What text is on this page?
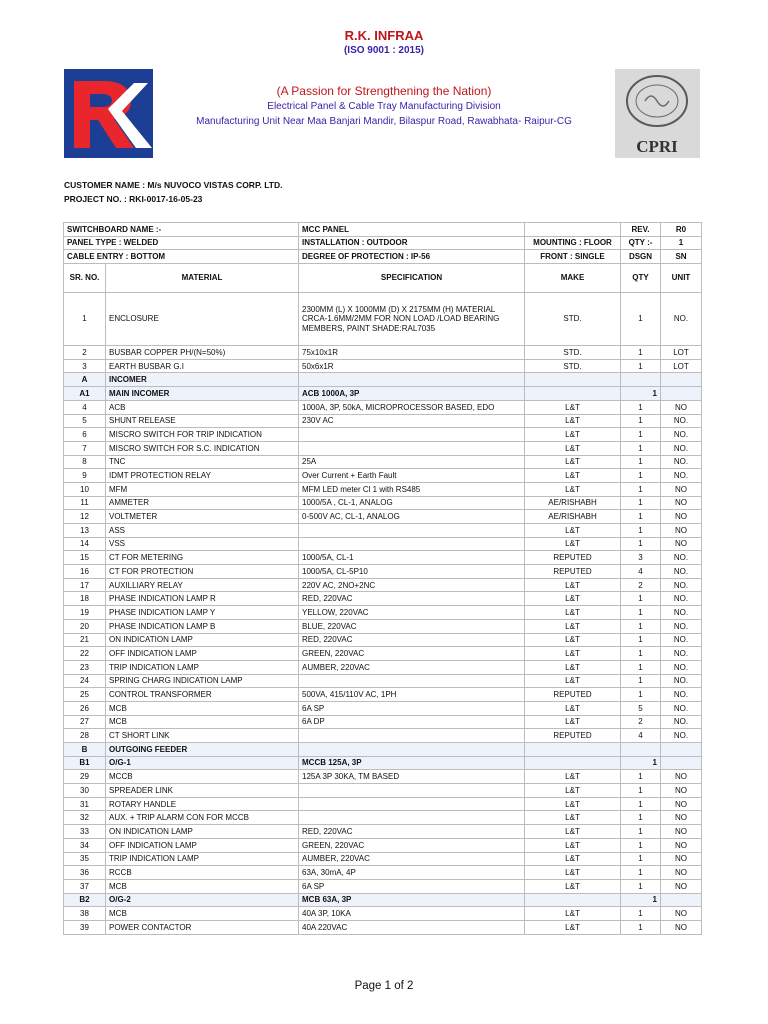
R.K. INFRAA
(ISO 9001 : 2015)
(A Passion for Strengthening the Nation)
Electrical Panel & Cable Tray Manufacturing Division
Manufacturing Unit Near Maa Banjari Mandir, Bilaspur Road, Rawabhata- Raipur-CG
CPRI
CUSTOMER NAME : M/s NUVOCO VISTAS CORP. LTD.
PROJECT NO. : RKI-0017-16-05-23
SWITCHBOARD NAME :-		MCC PANEL		REV.	R0
PANEL TYPE : WELDED		INSTALLATION : OUTDOOR	MOUNTING : FLOOR	QTY :-	1
CABLE ENTRY : BOTTOM		DEGREE OF PROTECTION : IP-56	FRONT : SINGLE	DSGN	SN
SR. NO.	MATERIAL	SPECIFICATION	MAKE	QTY	UNIT
1	ENCLOSURE	2300MM (L) X 1000MM (D) X 2175MM (H) MATERIAL CRCA-1.6MM/2MM FOR NON LOAD /LOAD BEARING MEMBERS, PAINT SHADE:RAL7035	STD.	1	NO.
2	BUSBAR COPPER PH/(N=50%)	75x10x1R	STD.	1	LOT
3	EARTH BUSBAR G.I	50x6x1R	STD.	1	LOT
A	INCOMER				
A1	MAIN INCOMER	ACB 1000A, 3P		1	
4	ACB	1000A, 3P, 50kA, MICROPROCESSOR BASED, EDO	L&T	1	NO
5	SHUNT RELEASE	230V AC	L&T	1	NO.
6	MISCRO SWITCH FOR TRIP INDICATION		L&T	1	NO.
7	MISCRO SWITCH FOR S.C. INDICATION		L&T	1	NO.
8	TNC	25A	L&T	1	NO.
9	IDMT PROTECTION RELAY	Over Current + Earth Fault	L&T	1	NO.
10	MFM	MFM LED meter Cl 1 with RS485	L&T	1	NO
11	AMMETER	1000/5A , CL-1, ANALOG	AE/RISHABH	1	NO
12	VOLTMETER	0-500V AC, CL-1, ANALOG	AE/RISHABH	1	NO
13	ASS		L&T	1	NO
14	VSS		L&T	1	NO
15	CT FOR METERING	1000/5A, CL-1	REPUTED	3	NO.
16	CT FOR PROTECTION	1000/5A, CL-5P10	REPUTED	4	NO.
17	AUXILLIARY RELAY	220V AC, 2NO+2NC	L&T	2	NO.
18	PHASE INDICATION LAMP R	RED, 220VAC	L&T	1	NO.
19	PHASE INDICATION LAMP Y	YELLOW, 220VAC	L&T	1	NO.
20	PHASE INDICATION LAMP B	BLUE, 220VAC	L&T	1	NO.
21	ON INDICATION LAMP	RED, 220VAC	L&T	1	NO.
22	OFF INDICATION LAMP	GREEN, 220VAC	L&T	1	NO.
23	TRIP INDICATION LAMP	AUMBER, 220VAC	L&T	1	NO.
24	SPRING CHARG INDICATION LAMP		L&T	1	NO.
25	CONTROL TRANSFORMER	500VA, 415/110V AC, 1PH	REPUTED	1	NO.
26	MCB	6A SP	L&T	5	NO.
27	MCB	6A DP	L&T	2	NO.
28	CT SHORT LINK		REPUTED	4	NO.
B	OUTGOING FEEDER				
B1	O/G-1	MCCB 125A, 3P		1	
29	MCCB	125A 3P 30KA, TM BASED	L&T	1	NO
30	SPREADER LINK		L&T	1	NO
31	ROTARY HANDLE		L&T	1	NO
32	AUX. + TRIP ALARM CON FOR MCCB		L&T	1	NO
33	ON INDICATION LAMP	RED, 220VAC	L&T	1	NO
34	OFF INDICATION LAMP	GREEN, 220VAC	L&T	1	NO
35	TRIP INDICATION LAMP	AUMBER, 220VAC	L&T	1	NO
36	RCCB	63A, 30mA, 4P	L&T	1	NO
37	MCB	6A SP	L&T	1	NO
B2	O/G-2	MCB 63A, 3P		1	
38	MCB	40A 3P, 10KA	L&T	1	NO
39	POWER CONTACTOR	40A 220VAC	L&T	1	NO
Page 1 of 2
